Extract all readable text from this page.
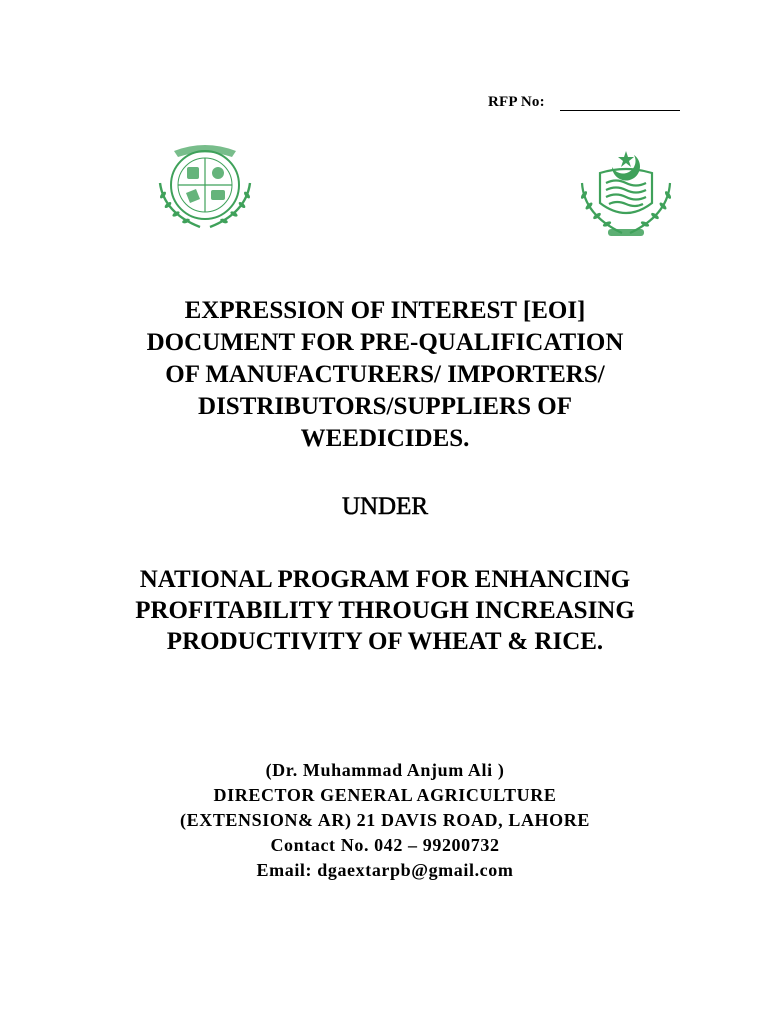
RFP No:
EXPRESSION OF INTEREST [EOI]
DOCUMENT FOR PRE-QUALIFICATION
OF MANUFACTURERS/ IMPORTERS/
DISTRIBUTORS/SUPPLIERS OF
WEEDICIDES.
UNDER
NATIONAL PROGRAM FOR ENHANCING
PROFITABILITY THROUGH INCREASING
PRODUCTIVITY OF WHEAT & RICE.
(Dr. Muhammad Anjum Ali )
DIRECTOR GENERAL AGRICULTURE
(EXTENSION& AR) 21 DAVIS ROAD, LAHORE
Contact No. 042 – 99200732
Email: dgaextarpb@gmail.com
